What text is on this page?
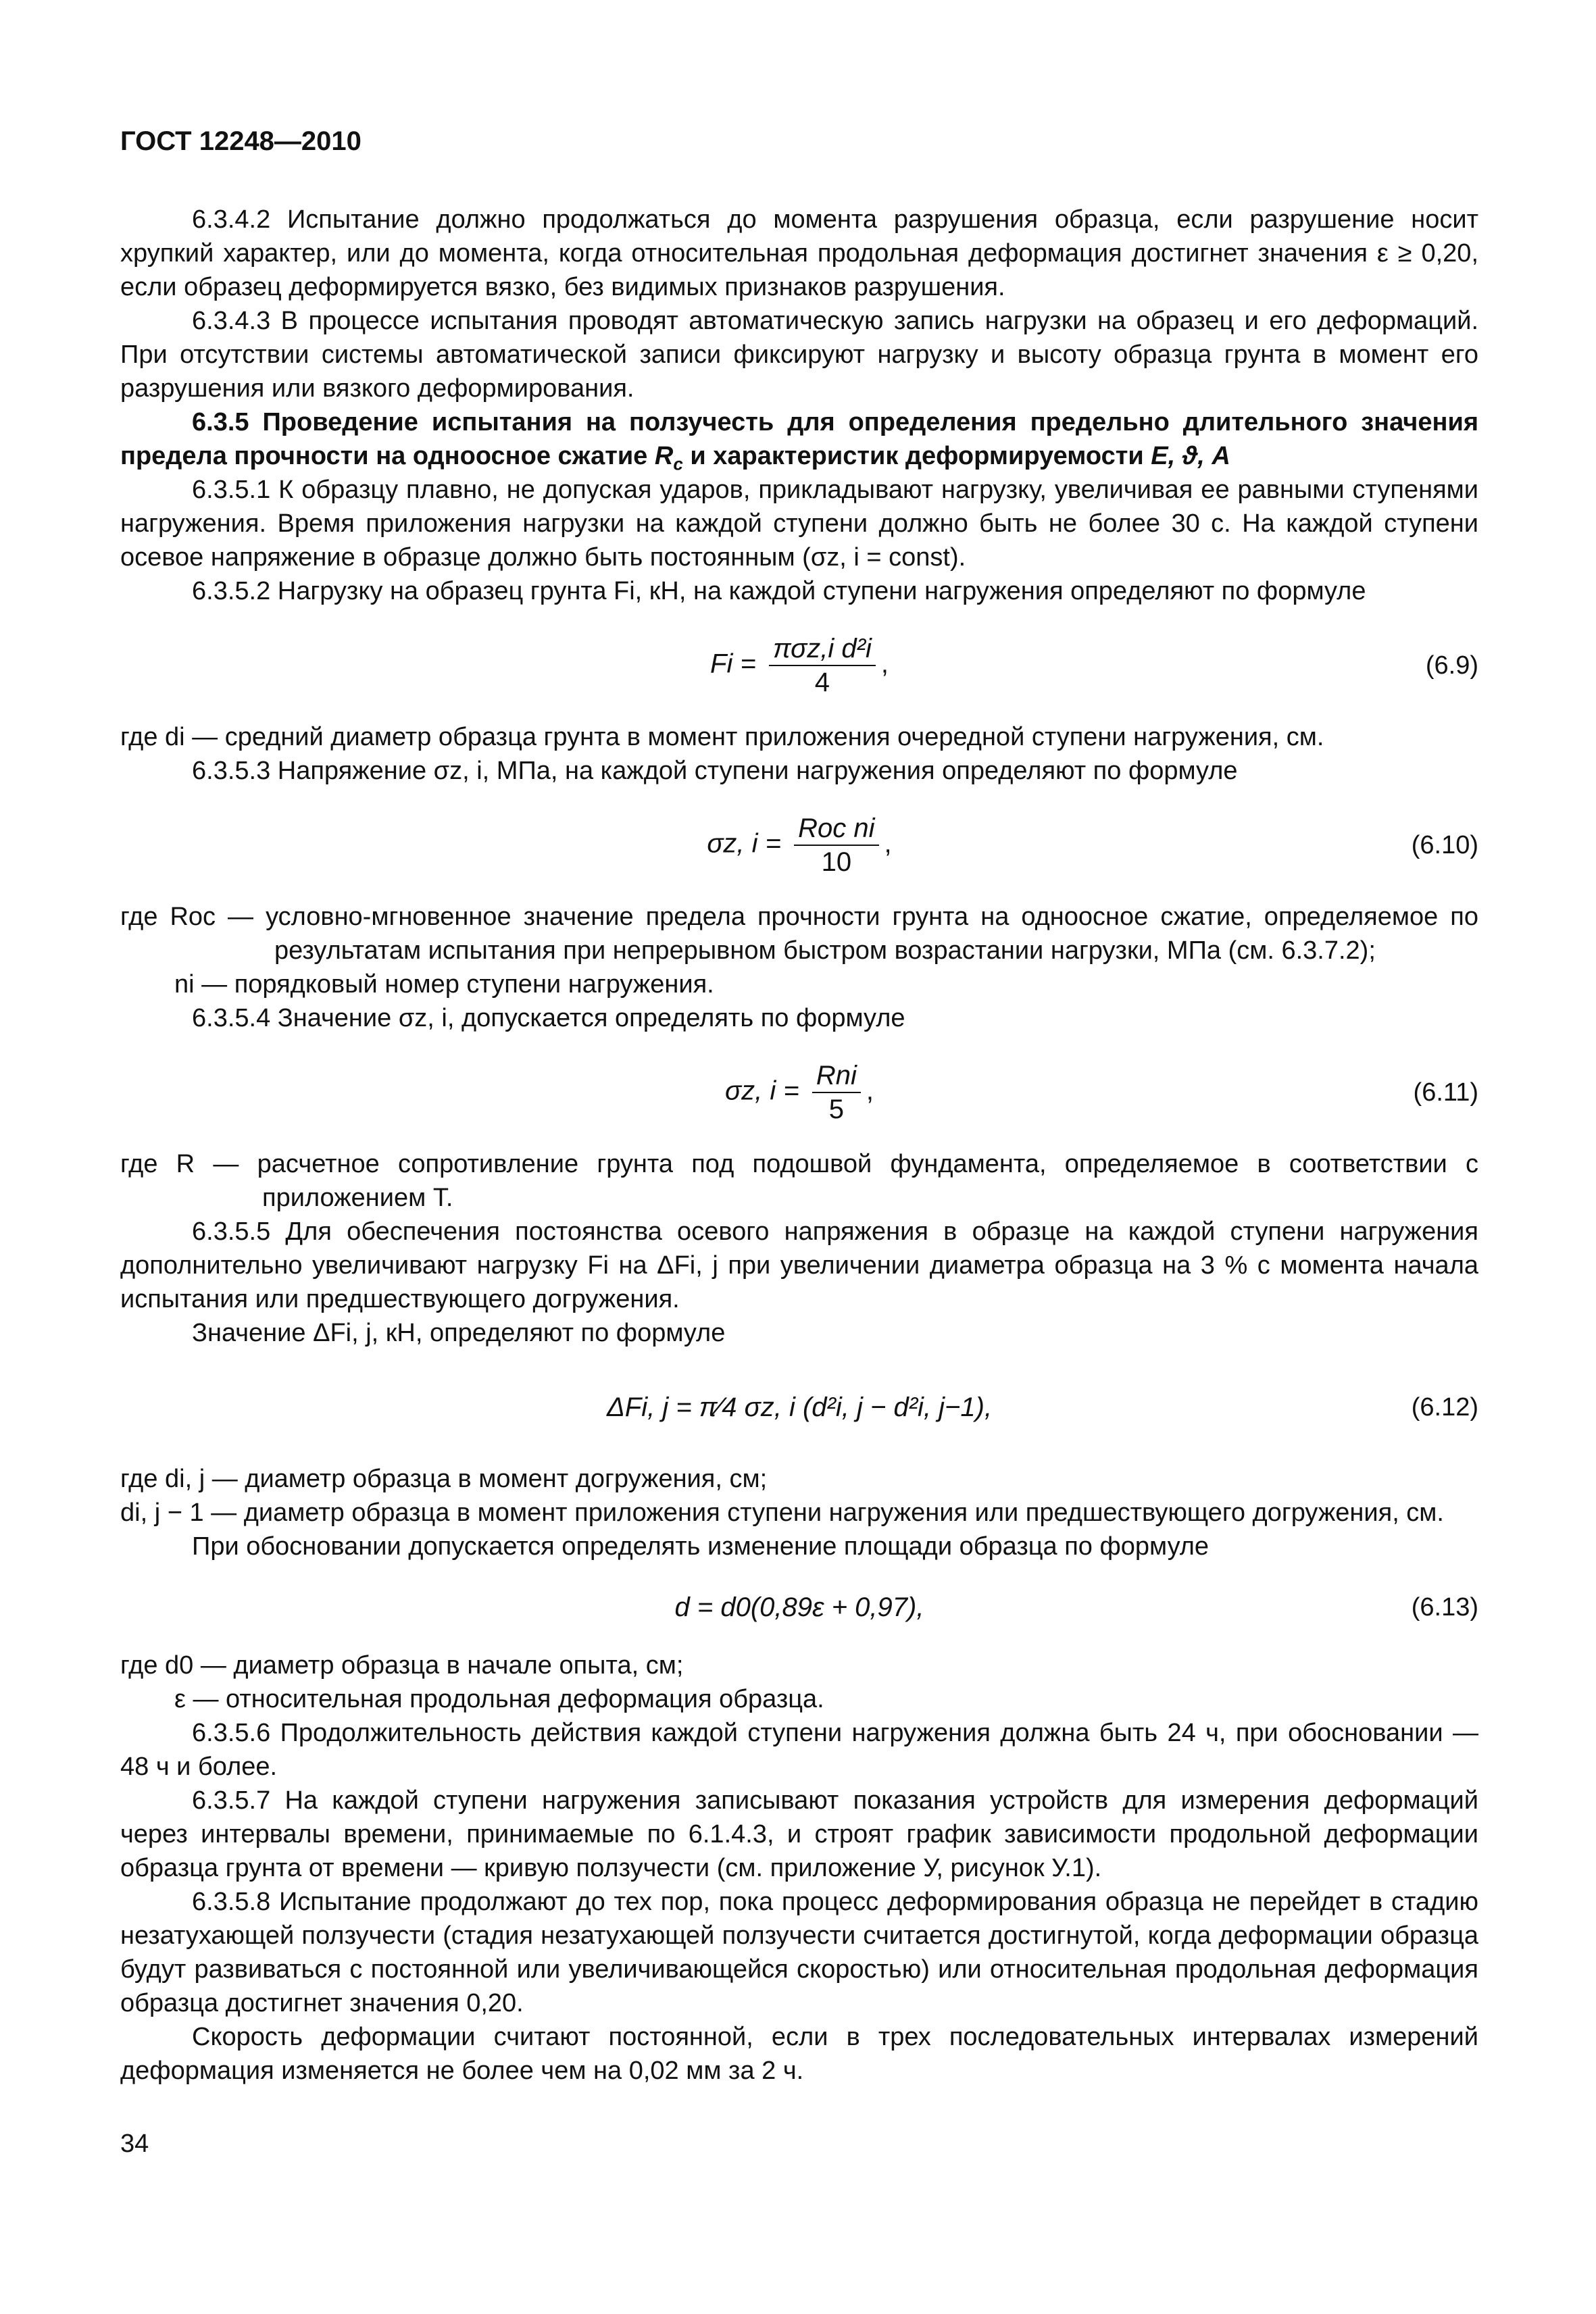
ГОСТ 12248—2010

6.3.4.2 Испытание должно продолжаться до момента разрушения образца, если разрушение носит хрупкий характер, или до момента, когда относительная продольная деформация достигнет значения ε ≥ 0,20, если образец деформируется вязко, без видимых признаков разрушения.

6.3.4.3 В процессе испытания проводят автоматическую запись нагрузки на образец и его деформаций. При отсутствии системы автоматической записи фиксируют нагрузку и высоту образца грунта в момент его разрушения или вязкого деформирования.

6.3.5 Проведение испытания на ползучесть для определения предельно длительного значения предела прочности на одноосное сжатие $R_c$ и характеристик деформируемости E, ϑ, A

6.3.5.1 К образцу плавно, не допуская ударов, прикладывают нагрузку, увеличивая ее равными ступенями нагружения. Время приложения нагрузки на каждой ступени должно быть не более 30 с. На каждой ступени осевое напряжение в образце должно быть постоянным (σz, i = const).

6.3.5.2 Нагрузку на образец грунта Fi, кН, на каждой ступени нагружения определяют по формуле

$Fi = \frac{\text{πσz,i d²i}}{4}$ ,	(6.9)

где di — средний диаметр образца грунта в момент приложения очередной ступени нагружения, см.

6.3.5.3 Напряжение σz, i, МПа, на каждой ступени нагружения определяют по формуле

σz, $i = \frac{\text{Roc ni}}{10}$ ,	(6.10)

где Roc — условно-мгновенное значение предела прочности грунта на одноосное сжатие, определяемое по результатам испытания при непрерывном быстром возрастании нагрузки, МПа (см. 6.3.7.2);

ni — порядковый номер ступени нагружения.

6.3.5.4 Значение σz, i, допускается определять по формуле

σz, $i = \frac{\text{Rni}}{5}$ ,	(6.11)

где R — расчетное сопротивление грунта под подошвой фундамента, определяемое в соответствии с приложением Т.

6.3.5.5 Для обеспечения постоянства осевого напряжения в образце на каждой ступени нагружения дополнительно увеличивают нагрузку Fi на ΔFi, j при увеличении диаметра образца на 3 % с момента начала испытания или предшествующего догружения.

Значение ΔFi, j, кН, определяют по формуле

ΔFi, j = π⁄4 σz, i (d²i, j − d²i, j−1),	(6.12)

где di, j — диаметр образца в момент догружения, см;

di, j − 1 — диаметр образца в момент приложения ступени нагружения или предшествующего догружения, см.

При обосновании допускается определять изменение площади образца по формуле

d = d0(0,89ε + 0,97),	(6.13)

где d0 — диаметр образца в начале опыта, см;

ε — относительная продольная деформация образца.

6.3.5.6 Продолжительность действия каждой ступени нагружения должна быть 24 ч, при обосновании — 48 ч и более.

6.3.5.7 На каждой ступени нагружения записывают показания устройств для измерения деформаций через интервалы времени, принимаемые по 6.1.4.3, и строят график зависимости продольной деформации образца грунта от времени — кривую ползучести (см. приложение У, рисунок У.1).

6.3.5.8 Испытание продолжают до тех пор, пока процесс деформирования образца не перейдет в стадию незатухающей ползучести (стадия незатухающей ползучести считается достигнутой, когда деформации образца будут развиваться с постоянной или увеличивающейся скоростью) или относительная продольная деформация образца достигнет значения 0,20.

Скорость деформации считают постоянной, если в трех последовательных интервалах измерений деформация изменяется не более чем на 0,02 мм за 2 ч.

34
